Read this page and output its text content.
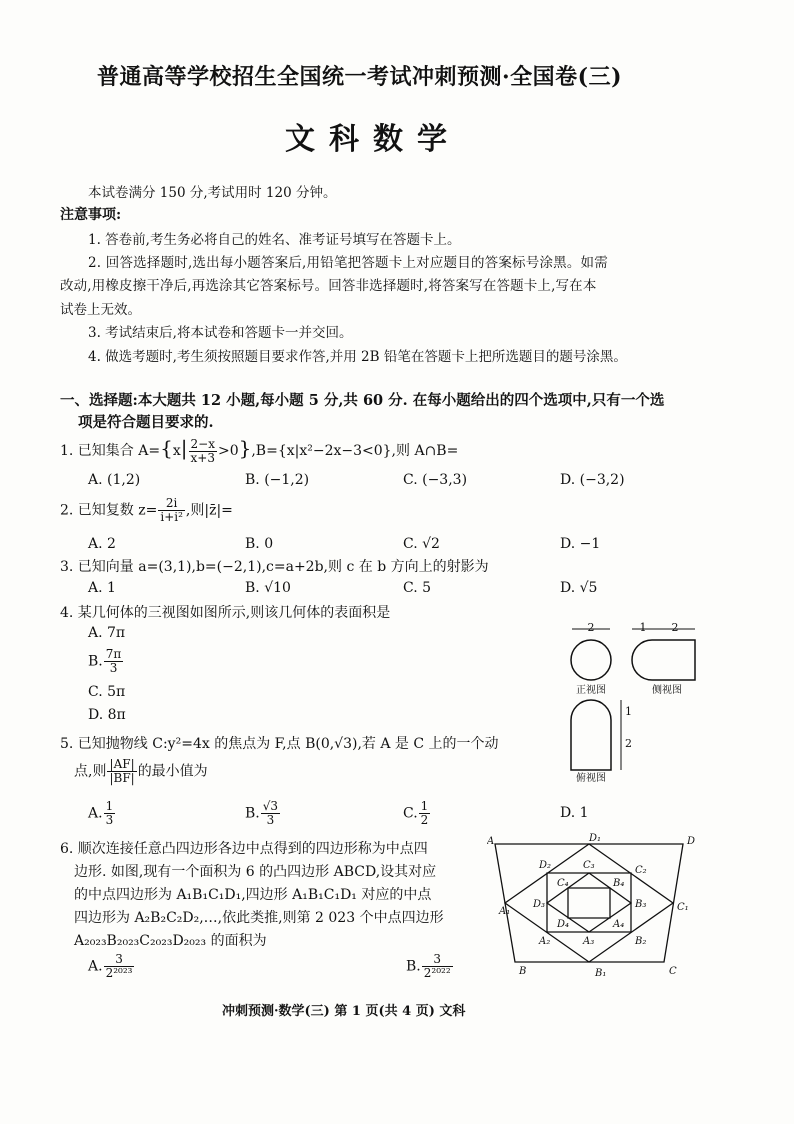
普通高等学校招生全国统一考试冲刺预测·全国卷(三)
文科数学
本试卷满分 150 分,考试用时 120 分钟。
注意事项:
1. 答卷前,考生务必将自己的姓名、准考证号填写在答题卡上。
2. 回答选择题时,选出每小题答案后,用铅笔把答题卡上对应题目的答案标号涂黑。如需
改动,用橡皮擦干净后,再选涂其它答案标号。回答非选择题时,将答案写在答题卡上,写在本
试卷上无效。
3. 考试结束后,将本试卷和答题卡一并交回。
4. 做选考题时,考生须按照题目要求作答,并用 2B 铅笔在答题卡上把所选题目的题号涂黑。
一、选择题:本大题共 12 小题,每小题 5 分,共 60 分. 在每小题给出的四个选项中,只有一个选
项是符合题目要求的.
1. 已知集合 $A=\{x| \frac{2-x}{x+3} >0\},B=\{x|x^2-2x-3<0\}$,则 A∩B=
A. (1,2)	B. (−1,2)	C. (−3,3)	D. (−3,2)
2. 已知复数 $z= \frac{2i}{\text{i+i²}}$ ,则|z̄|=
A. 2	B. 0	C. √2	D. −1
3. 已知向量 a=(3,1),b=(−2,1),c=a+2b,则 c 在 b 方向上的射影为
A. 1	B. √10	C. 5	D. √5
4. 某几何体的三视图如图所示,则该几何体的表面积是
A. 7π
B. $\frac{7\pi}{3}$
C. 5π
D. 8π
2
正视图
1 2
侧视图
1
2
俯视图
5. 已知抛物线 C:y²=4x 的焦点为 F,点 B(0,√3),若 A 是 C 上的一个动
点,则 $\frac{|AF|}{|BF|}$ 的最小值为
A. $\frac{1}{3}$	B. $\frac{√3}{3}$	C. $\frac{1}{2}$	D. 1
6. 顺次连接任意凸四边形各边中点得到的四边形称为中点四
边形. 如图,现有一个面积为 6 的凸四边形 ABCD,设其对应
的中点四边形为 A₁B₁C₁D₁,四边形 A₁B₁C₁D₁ 对应的中点
四边形为 A₂B₂C₂D₂,…,依此类推,则第 2 023 个中点四边形
A₂₀₂₃B₂₀₂₃C₂₀₂₃D₂₀₂₃ 的面积为
A. $\frac{3}{\text{2²⁰²³}}$	B. $\frac{3}{\text{2²⁰²²}}$
A
B	C
D
A₁
B₁
C₁
D₁
A₂	B₂
C₂
D₂
A₃
B₃
C₃
D₃
A₄
B₄
C₄
D₄
冲刺预测·数学(三) 第 1 页(共 4 页) 文科
